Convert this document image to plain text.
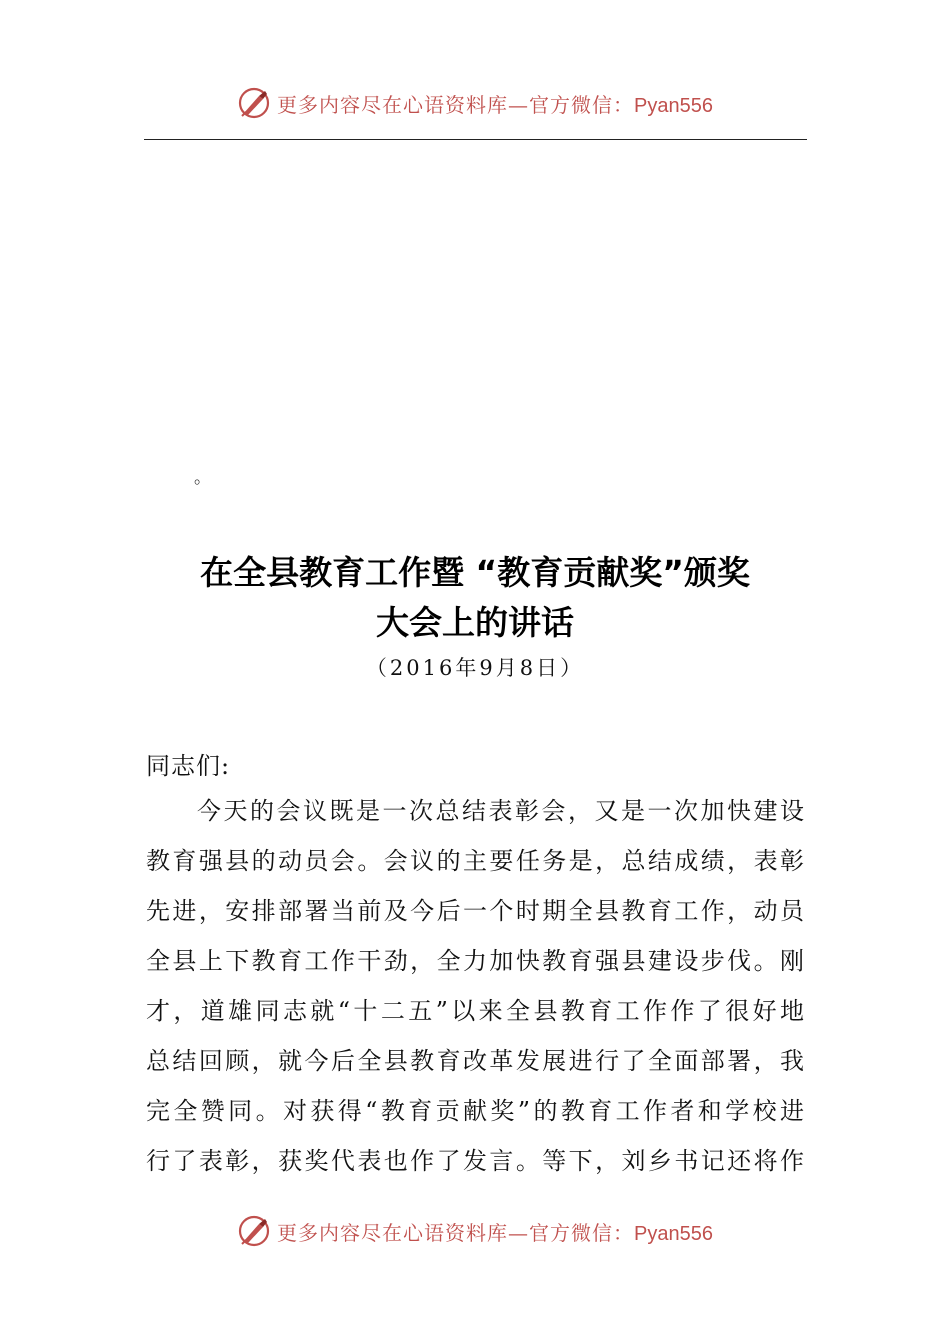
更多内容尽在心语资料库—官方微信：Pyan556
。
在全县教育工作暨 “教育贡献奖”颁奖
大会上的讲话
（2016年9月8日）
同志们:
今天的会议既是一次总结表彰会，又是一次加快建设
教育强县的动员会。会议的主要任务是，总结成绩，表彰
先进，安排部署当前及今后一个时期全县教育工作，动员
全县上下教育工作干劲，全力加快教育强县建设步伐。刚
才，道雄同志就“十二五”以来全县教育工作作了很好地
总结回顾，就今后全县教育改革发展进行了全面部署，我
完全赞同。对获得“教育贡献奖”的教育工作者和学校进
行了表彰，获奖代表也作了发言。等下，刘乡书记还将作
更多内容尽在心语资料库—官方微信：Pyan556
